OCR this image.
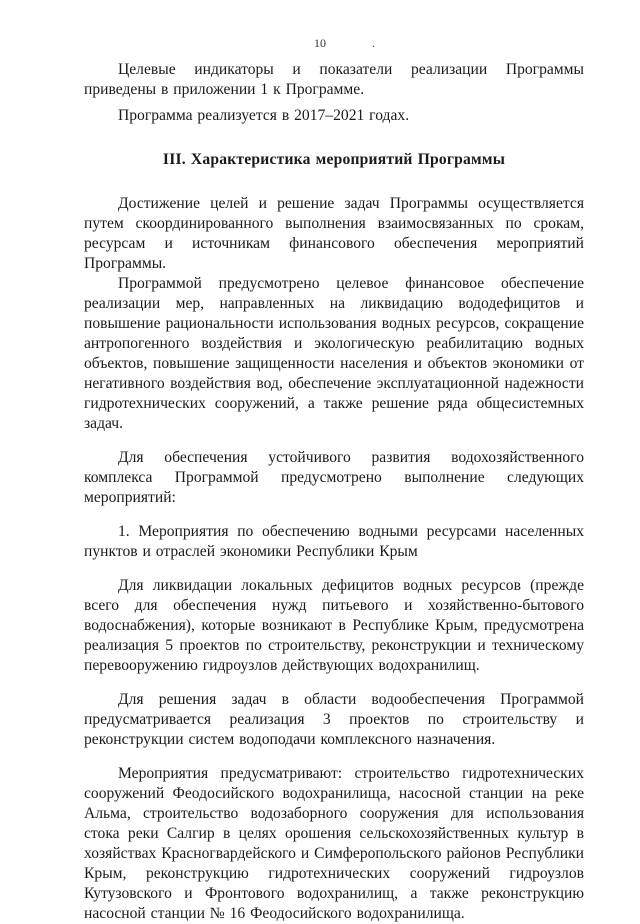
10	.

Целевые индикаторы и показатели реализации Программы приведены в приложении 1 к Программе.

Программа реализуется в 2017–2021 годах.

III. Характеристика мероприятий Программы

Достижение целей и решение задач Программы осуществляется путем скоординированного выполнения взаимосвязанных по срокам, ресурсам и источникам финансового обеспечения мероприятий Программы.

Программой предусмотрено целевое финансовое обеспечение реализации мер, направленных на ликвидацию вододефицитов и повышение рациональности использования водных ресурсов, сокращение антропогенного воздействия и экологическую реабилитацию водных объектов, повышение защищенности населения и объектов экономики от негативного воздействия вод, обеспечение эксплуатационной надежности гидротехнических сооружений, а также решение ряда общесистемных задач.

Для обеспечения устойчивого развития водохозяйственного комплекса Программой предусмотрено выполнение следующих мероприятий:

1. Мероприятия по обеспечению водными ресурсами населенных пунктов и отраслей экономики Республики Крым

Для ликвидации локальных дефицитов водных ресурсов (прежде всего для обеспечения нужд питьевого и хозяйственно-бытового водоснабжения), которые возникают в Республике Крым, предусмотрена реализация 5 проектов по строительству, реконструкции и техническому перевооружению гидроузлов действующих водохранилищ.

Для решения задач в области водообеспечения Программой предусматривается реализация 3 проектов по строительству и реконструкции систем водоподачи комплексного назначения.

Мероприятия предусматривают: строительство гидротехнических сооружений Феодосийского водохранилища, насосной станции на реке Альма, строительство водозаборного сооружения для использования стока реки Салгир в целях орошения сельскохозяйственных культур в хозяйствах Красногвардейского и Симферопольского районов Республики Крым, реконструкцию гидротехнических сооружений гидроузлов Кутузовского и Фронтового водохранилищ, а также реконструкцию насосной станции № 16 Феодосийского водохранилища.
